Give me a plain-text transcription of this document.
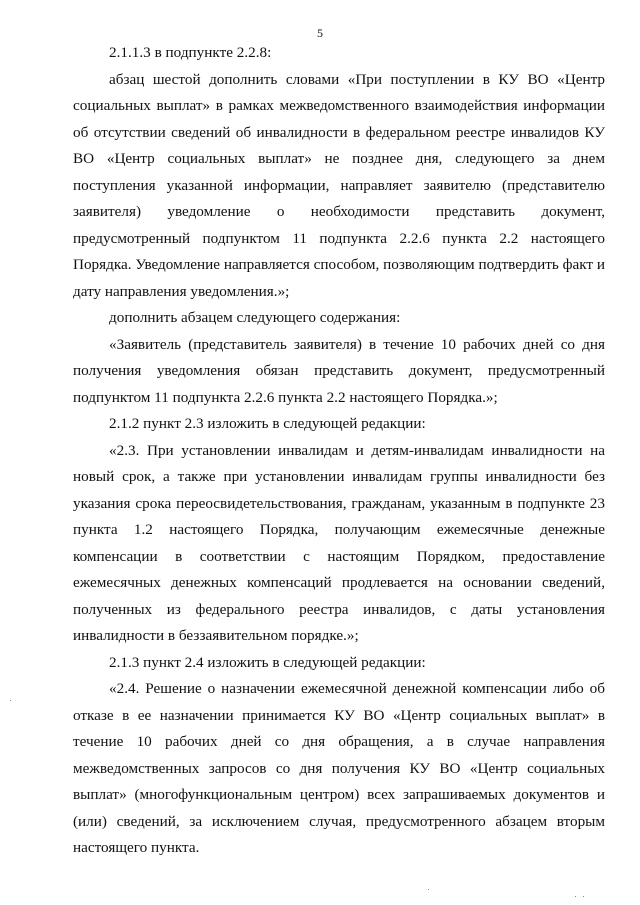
5

2.1.1.3 в подпункте 2.2.8:

абзац шестой дополнить словами «При поступлении в КУ ВО «Центр социальных выплат» в рамках межведомственного взаимодействия информации об отсутствии сведений об инвалидности в федеральном реестре инвалидов КУ ВО «Центр социальных выплат» не позднее дня, следующего за днем поступления указанной информации, направляет заявителю (представителю заявителя) уведомление о необходимости представить документ, предусмотренный подпунктом 11 подпункта 2.2.6 пункта 2.2 настоящего Порядка. Уведомление направляется способом, позволяющим подтвердить факт и дату направления уведомления.»;

дополнить абзацем следующего содержания:

«Заявитель (представитель заявителя) в течение 10 рабочих дней со дня получения уведомления обязан представить документ, предусмотренный подпунктом 11 подпункта 2.2.6 пункта 2.2 настоящего Порядка.»;

2.1.2 пункт 2.3 изложить в следующей редакции:

«2.3. При установлении инвалидам и детям-инвалидам инвалидности на новый срок, а также при установлении инвалидам группы инвалидности без указания срока переосвидетельствования, гражданам, указанным в подпункте 23 пункта 1.2 настоящего Порядка, получающим ежемесячные денежные компенсации в соответствии с настоящим Порядком, предоставление ежемесячных денежных компенсаций продлевается на основании сведений, полученных из федерального реестра инвалидов, с даты установления инвалидности в беззаявительном порядке.»;

2.1.3 пункт 2.4 изложить в следующей редакции:

«2.4. Решение о назначении ежемесячной денежной компенсации либо об отказе в ее назначении принимается КУ ВО «Центр социальных выплат» в течение 10 рабочих дней со дня обращения, а в случае направления межведомственных запросов со дня получения КУ ВО «Центр социальных выплат» (многофункциональным центром) всех запрашиваемых документов и (или) сведений, за исключением случая, предусмотренного абзацем вторым настоящего пункта.
